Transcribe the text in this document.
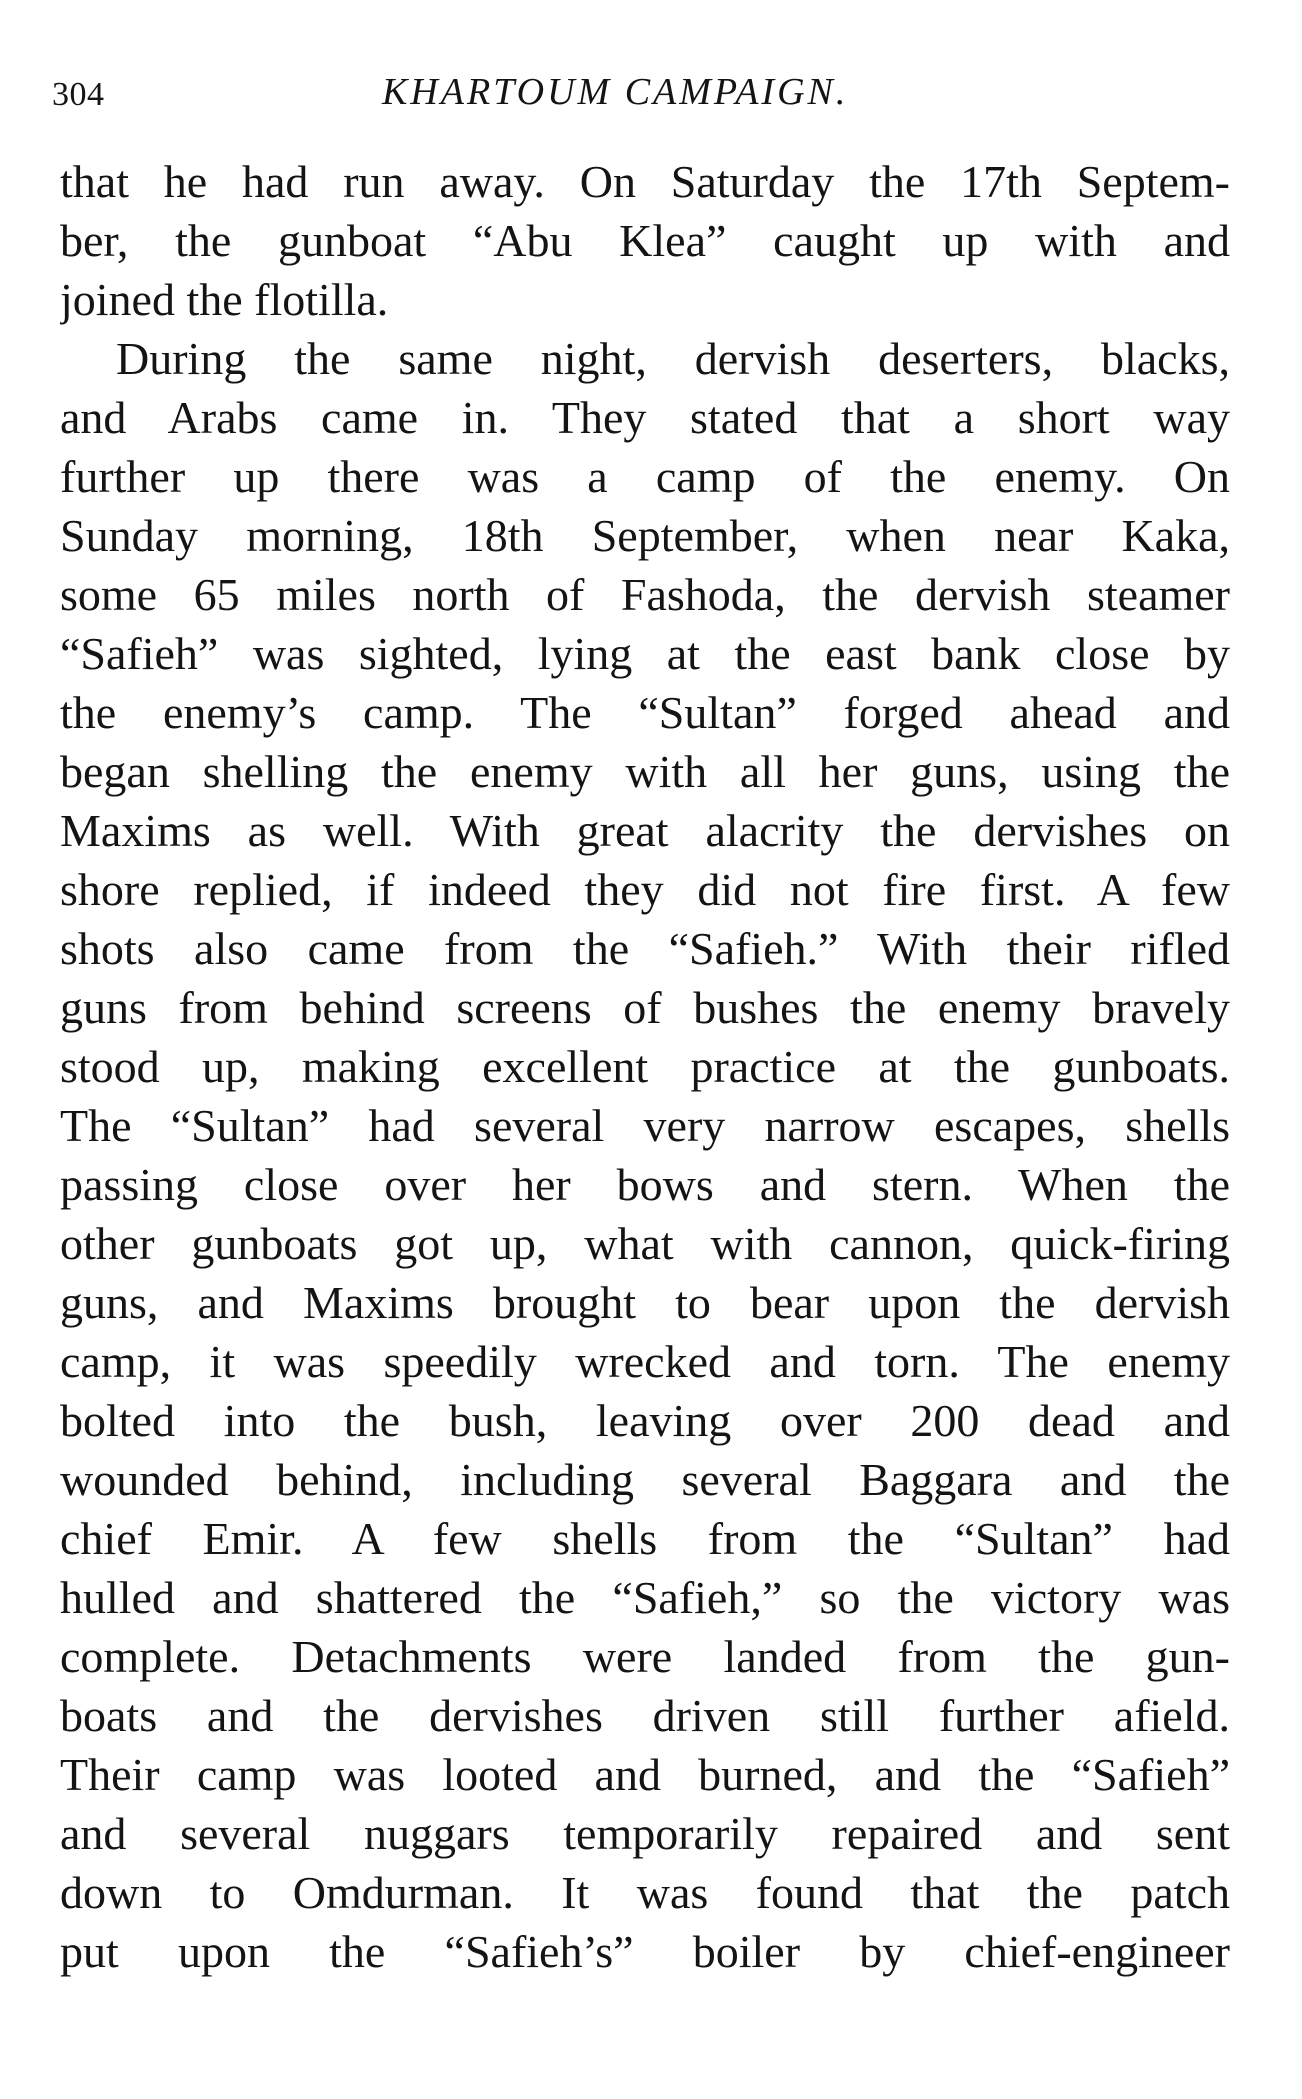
304	KHARTOUM CAMPAIGN.
that he had run away. On Saturday the 17th Septem-
ber, the gunboat “Abu Klea” caught up with and
joined the flotilla.
During the same night, dervish deserters, blacks,
and Arabs came in. They stated that a short way
further up there was a camp of the enemy. On
Sunday morning, 18th September, when near Kaka,
some 65 miles north of Fashoda, the dervish steamer
“Safieh” was sighted, lying at the east bank close by
the enemy’s camp. The “Sultan” forged ahead and
began shelling the enemy with all her guns, using the
Maxims as well. With great alacrity the dervishes on
shore replied, if indeed they did not fire first. A few
shots also came from the “Safieh.” With their rifled
guns from behind screens of bushes the enemy bravely
stood up, making excellent practice at the gunboats.
The “Sultan” had several very narrow escapes, shells
passing close over her bows and stern. When the
other gunboats got up, what with cannon, quick-firing
guns, and Maxims brought to bear upon the dervish
camp, it was speedily wrecked and torn. The enemy
bolted into the bush, leaving over 200 dead and
wounded behind, including several Baggara and the
chief Emir. A few shells from the “Sultan” had
hulled and shattered the “Safieh,” so the victory was
complete. Detachments were landed from the gun-
boats and the dervishes driven still further afield.
Their camp was looted and burned, and the “Safieh”
and several nuggars temporarily repaired and sent
down to Omdurman. It was found that the patch
put upon the “Safieh’s” boiler by chief-engineer
